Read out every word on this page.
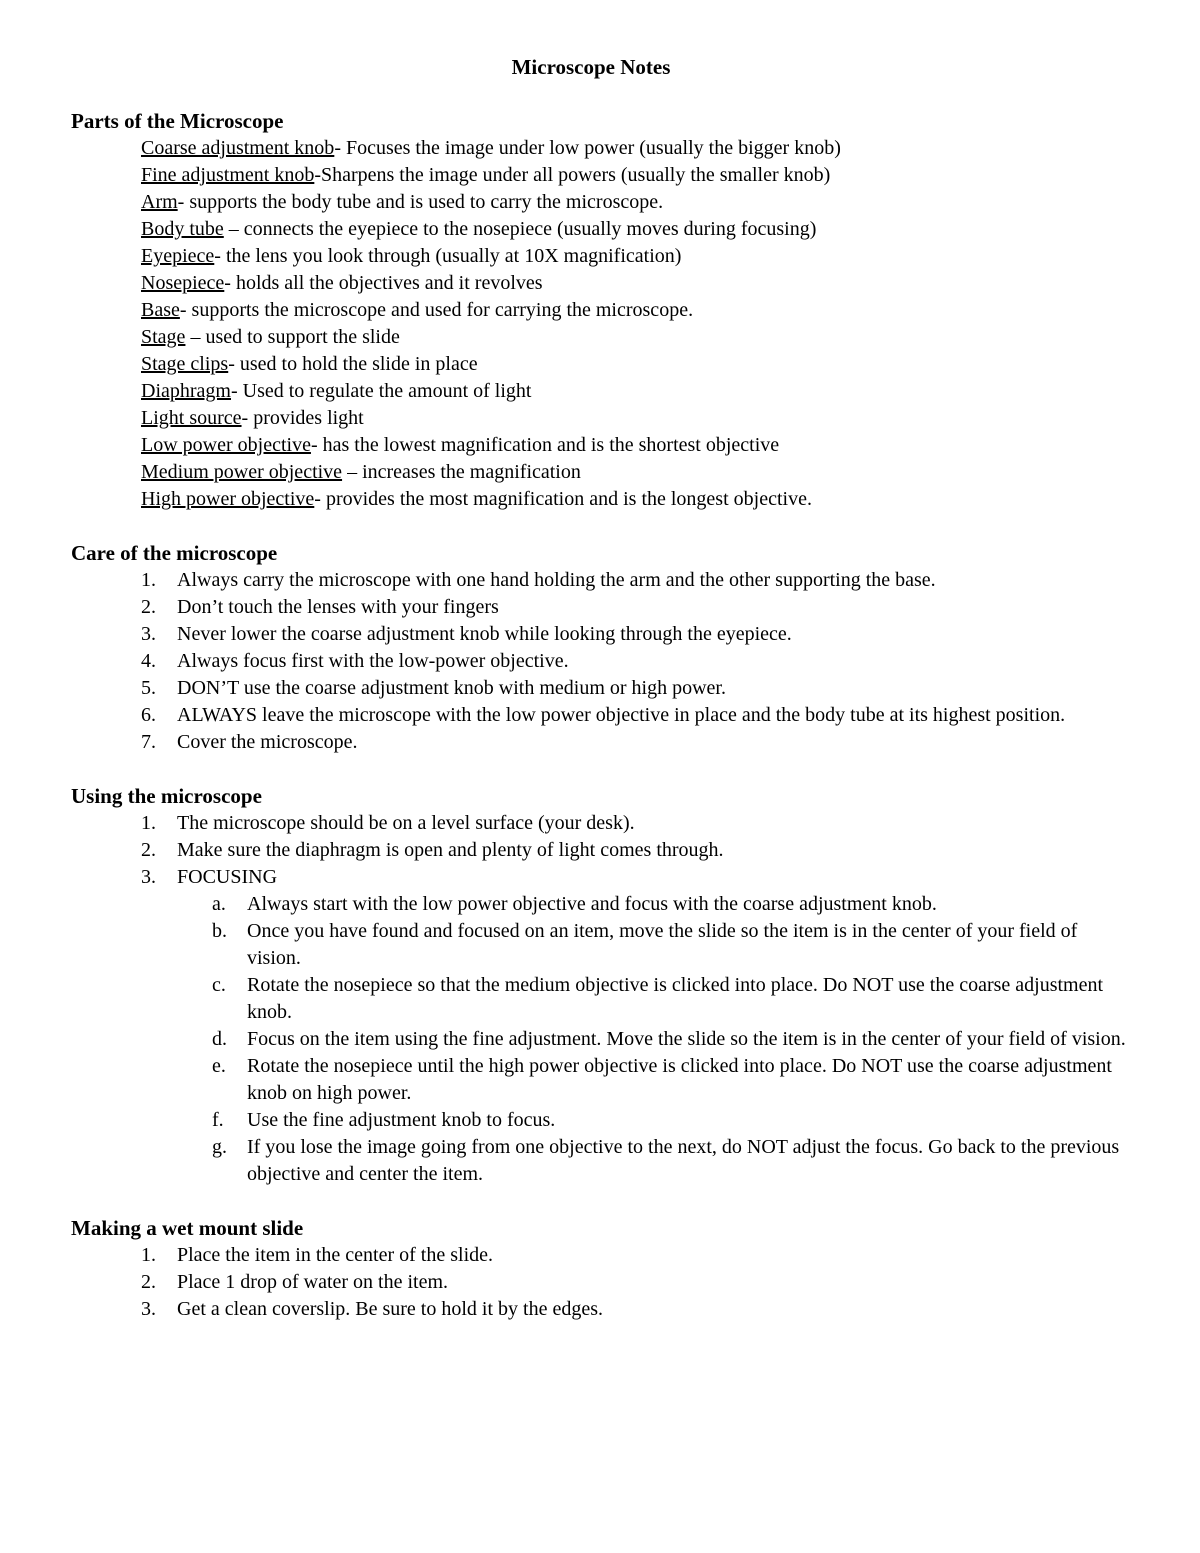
Microscope Notes
Parts of the Microscope
Coarse adjustment knob- Focuses the image under low power (usually the bigger knob)
Fine adjustment knob-Sharpens the image under all powers (usually the smaller knob)
Arm- supports the body tube and is used to carry the microscope.
Body tube – connects the eyepiece to the nosepiece (usually moves during focusing)
Eyepiece- the lens you look through (usually at 10X magnification)
Nosepiece- holds all the objectives and it revolves
Base- supports the microscope and used for carrying the microscope.
Stage – used to support the slide
Stage clips- used to hold the slide in place
Diaphragm- Used to regulate the amount of light
Light source- provides light
Low power objective- has the lowest magnification and is the shortest objective
Medium power objective – increases the magnification
High power objective- provides the most magnification and is the longest objective.
Care of the microscope
1. Always carry the microscope with one hand holding the arm and the other supporting the base.
2. Don’t touch the lenses with your fingers
3. Never lower the coarse adjustment knob while looking through the eyepiece.
4. Always focus first with the low-power objective.
5. DON’T use the coarse adjustment knob with medium or high power.
6. ALWAYS leave the microscope with the low power objective in place and the body tube at its highest position.
7. Cover the microscope.
Using the microscope
1. The microscope should be on a level surface (your desk).
2. Make sure the diaphragm is open and plenty of light comes through.
3. FOCUSING
a. Always start with the low power objective and focus with the coarse adjustment knob.
b. Once you have found and focused on an item, move the slide so the item is in the center of your field of vision.
c. Rotate the nosepiece so that the medium objective is clicked into place. Do NOT use the coarse adjustment knob.
d. Focus on the item using the fine adjustment. Move the slide so the item is in the center of your field of vision.
e. Rotate the nosepiece until the high power objective is clicked into place. Do NOT use the coarse adjustment knob on high power.
f. Use the fine adjustment knob to focus.
g. If you lose the image going from one objective to the next, do NOT adjust the focus. Go back to the previous objective and center the item.
Making a wet mount slide
1. Place the item in the center of the slide.
2. Place 1 drop of water on the item.
3. Get a clean coverslip. Be sure to hold it by the edges.
